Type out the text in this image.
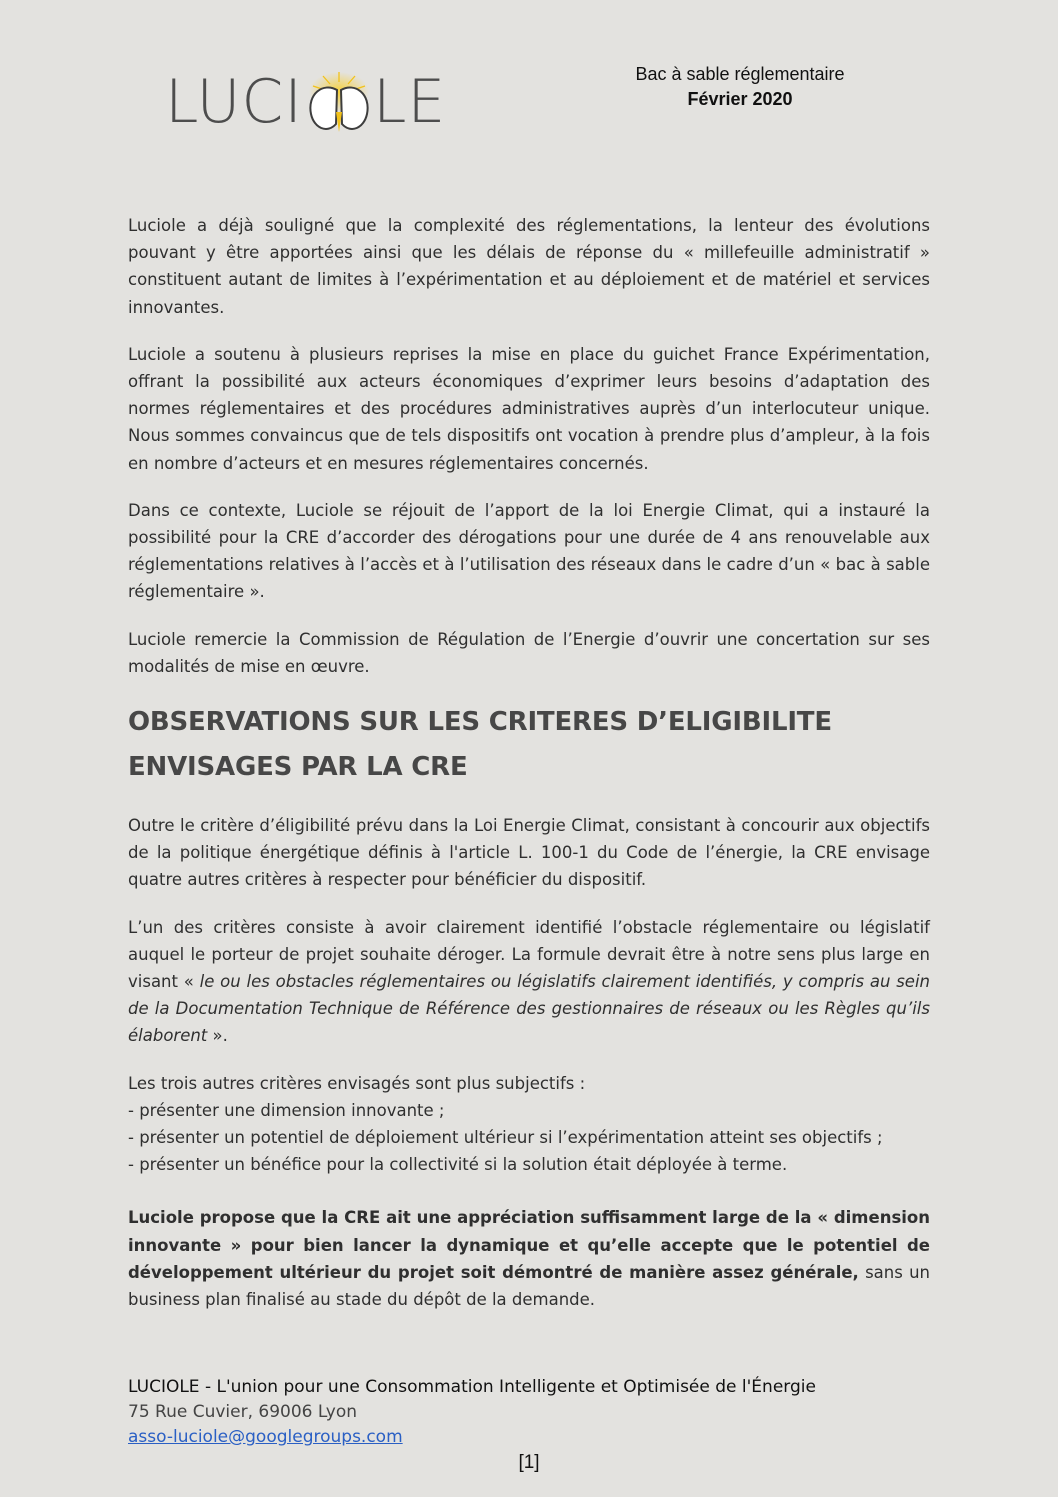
LUCI LE	Bac à sable réglementaire
Février 2020

Luciole a déjà souligné que la complexité des réglementations, la lenteur des évolutions pouvant y être apportées ainsi que les délais de réponse du « millefeuille administratif » constituent autant de limites à l’expérimentation et au déploiement et de matériel et services innovantes.

Luciole a soutenu à plusieurs reprises la mise en place du guichet France Expérimentation, offrant la possibilité aux acteurs économiques d’exprimer leurs besoins d’adaptation des normes réglementaires et des procédures administratives auprès d’un interlocuteur unique. Nous sommes convaincus que de tels dispositifs ont vocation à prendre plus d’ampleur, à la fois en nombre d’acteurs et en mesures réglementaires concernés.

Dans ce contexte, Luciole se réjouit de l’apport de la loi Energie Climat, qui a instauré la possibilité pour la CRE d’accorder des dérogations pour une durée de 4 ans renouvelable aux réglementations relatives à l’accès et à l’utilisation des réseaux dans le cadre d’un « bac à sable réglementaire ».

Luciole remercie la Commission de Régulation de l’Energie d’ouvrir une concertation sur ses modalités de mise en œuvre.

OBSERVATIONS SUR LES CRITERES D’ELIGIBILITE ENVISAGES PAR LA CRE

Outre le critère d’éligibilité prévu dans la Loi Energie Climat, consistant à concourir aux objectifs de la politique énergétique définis à l'article L. 100-1 du Code de l’énergie, la CRE envisage quatre autres critères à respecter pour bénéficier du dispositif.

L’un des critères consiste à avoir clairement identifié l’obstacle réglementaire ou législatif auquel le porteur de projet souhaite déroger. La formule devrait être à notre sens plus large en visant « le ou les obstacles réglementaires ou législatifs clairement identifiés, y compris au sein de la Documentation Technique de Référence des gestionnaires de réseaux ou les Règles qu’ils élaborent ».

Les trois autres critères envisagés sont plus subjectifs :

- présenter une dimension innovante ;

- présenter un potentiel de déploiement ultérieur si l’expérimentation atteint ses objectifs ;

- présenter un bénéfice pour la collectivité si la solution était déployée à terme.

Luciole propose que la CRE ait une appréciation suffisamment large de la « dimension innovante » pour bien lancer la dynamique et qu’elle accepte que le potentiel de développement ultérieur du projet soit démontré de manière assez générale, sans un business plan finalisé au stade du dépôt de la demande.

LUCIOLE - L'union pour une Consommation Intelligente et Optimisée de l'Énergie
75 Rue Cuvier, 69006 Lyon
asso-luciole@googlegroups.com
[1]
